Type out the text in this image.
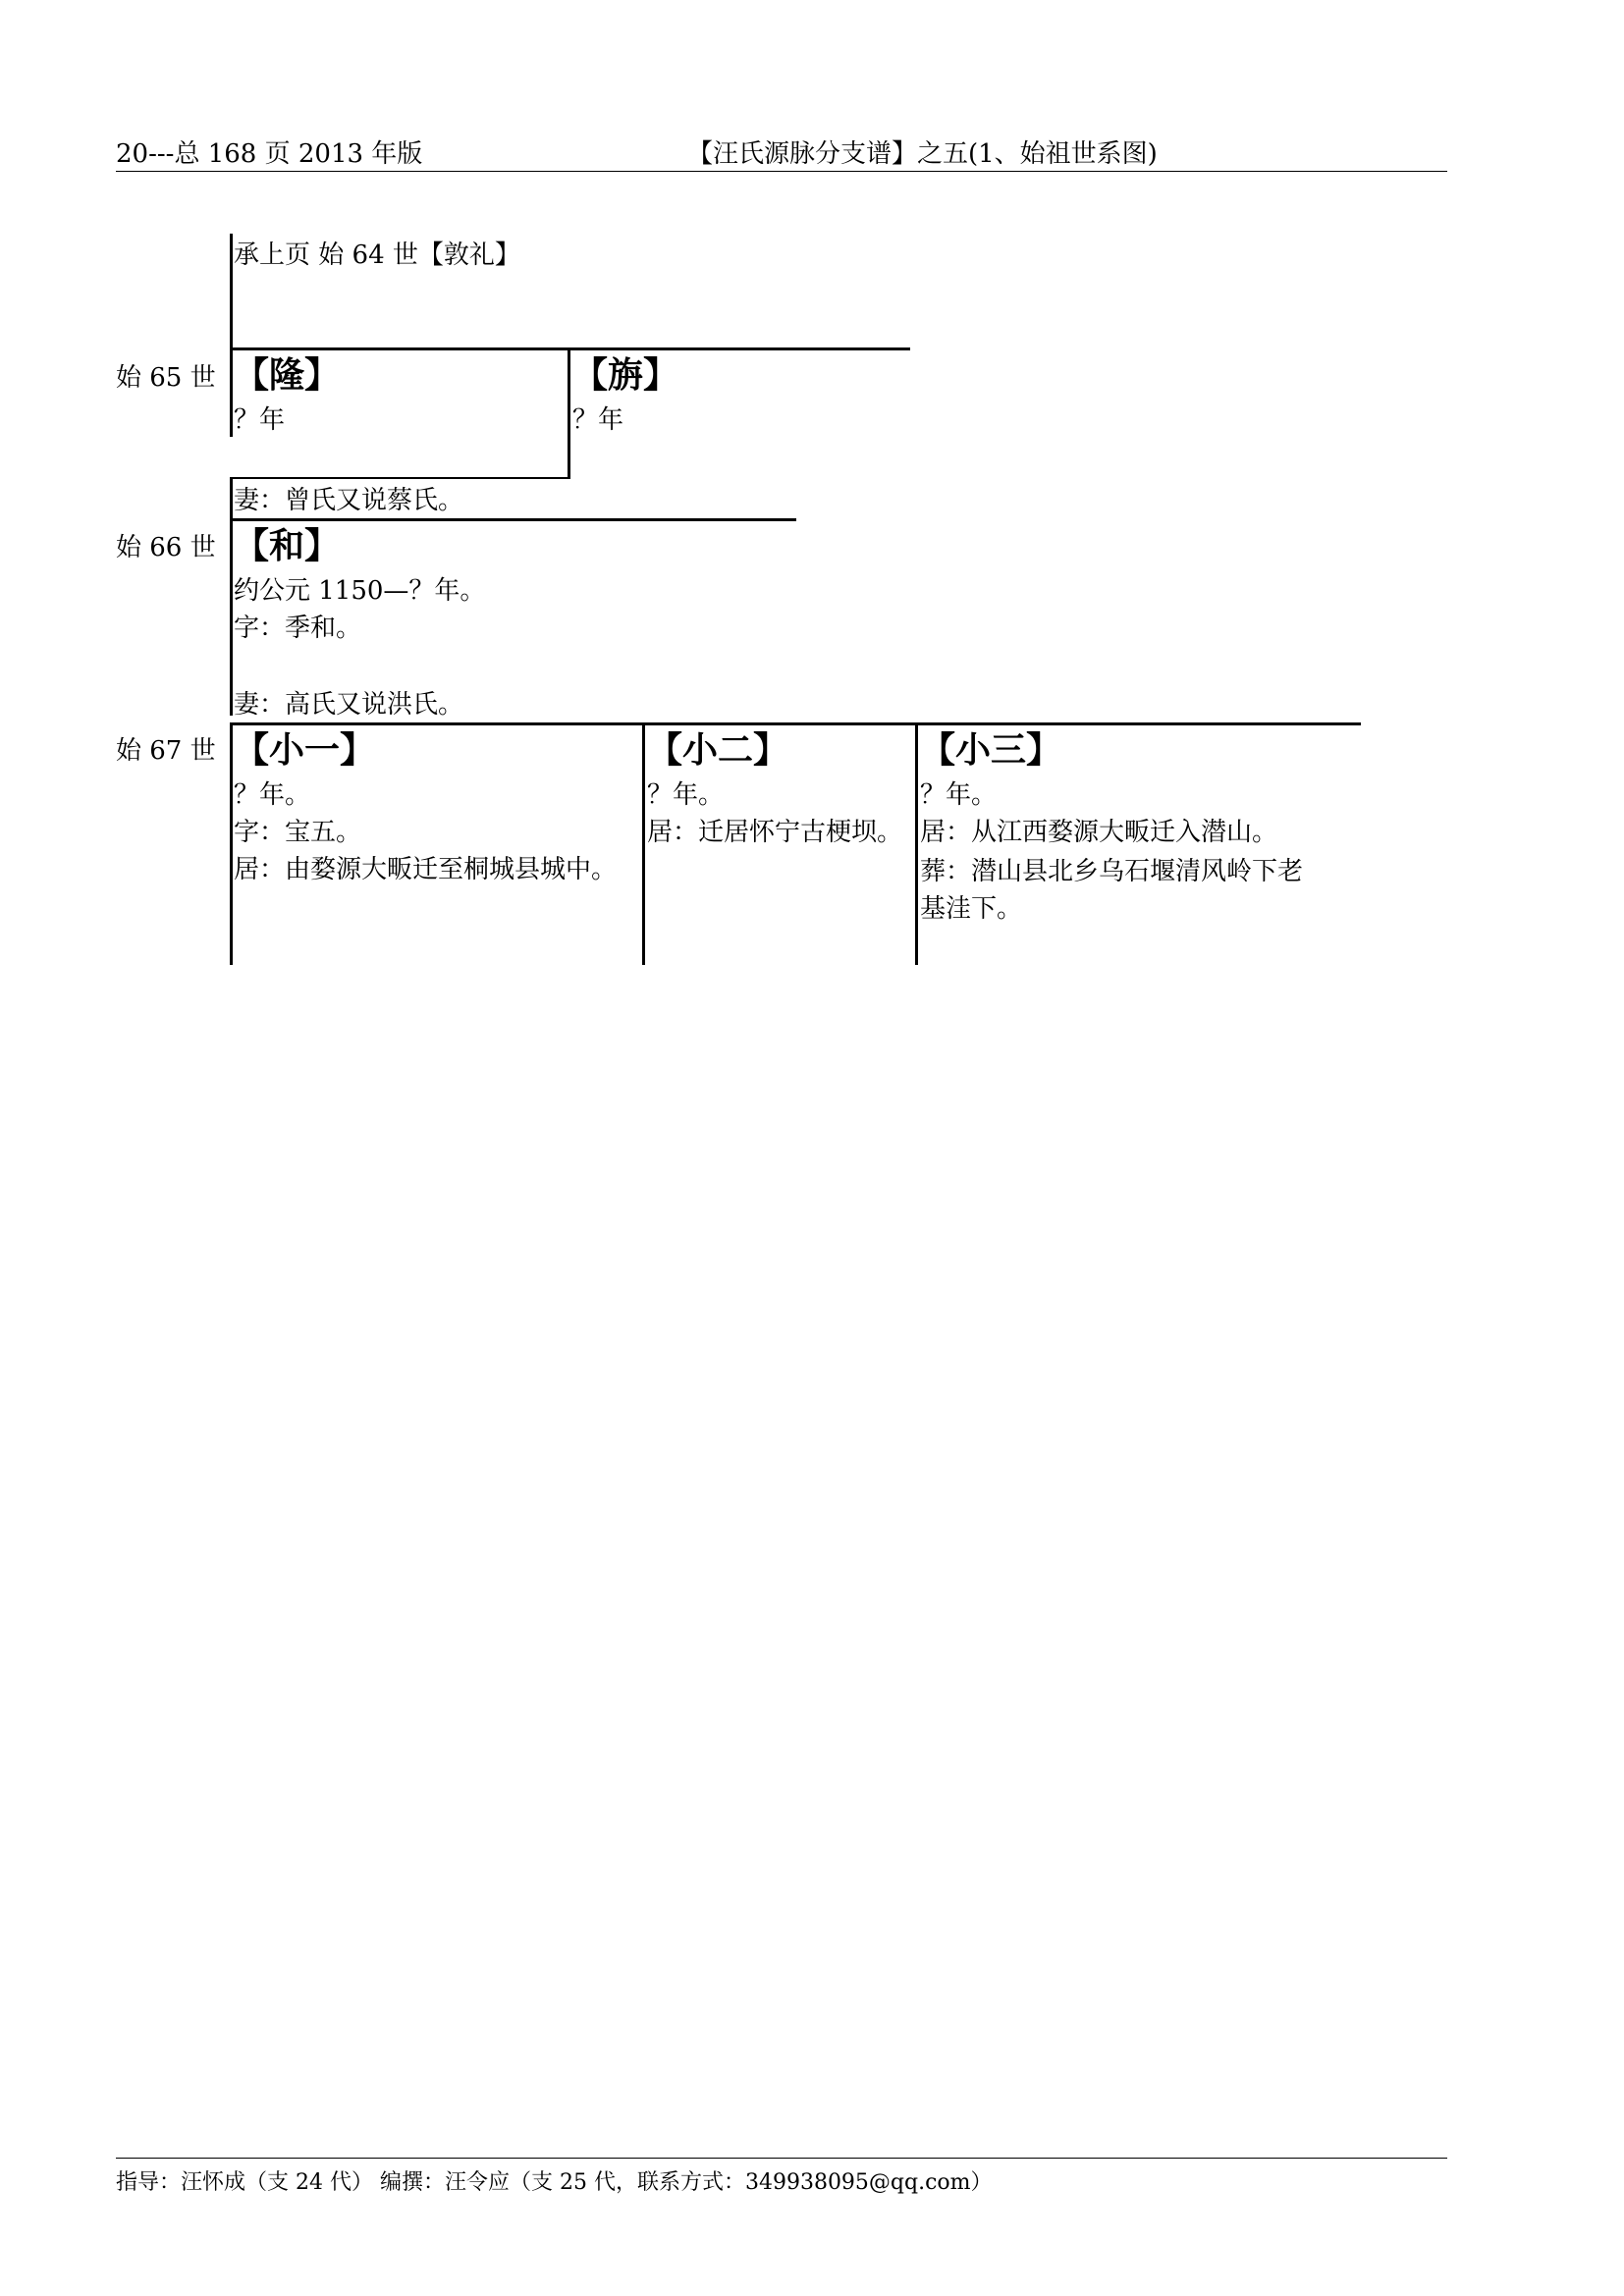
20---总 168 页 2013 年版	【汪氏源脉分支谱】之五(1、始祖世系图)
承上页 始 64 世【敦礼】
始 65 世
始 66 世
始 67 世
【隆】
？年
【旃】
？年
妻：曾氏又说蔡氏。
【和】
约公元 1150—？年。
字：季和。
妻：高氏又说洪氏。
【小一】
？年。
字：宝五。
居：由婺源大畈迁至桐城县城中。
【小二】
？年。
居：迁居怀宁古梗坝。
【小三】
？年。
居：从江西婺源大畈迁入潜山。
葬：潜山县北乡乌石堰清风岭下老
基洼下。
指导：汪怀成（支 24 代） 编撰：汪令应（支 25 代，联系方式：349938095@qq.com）
